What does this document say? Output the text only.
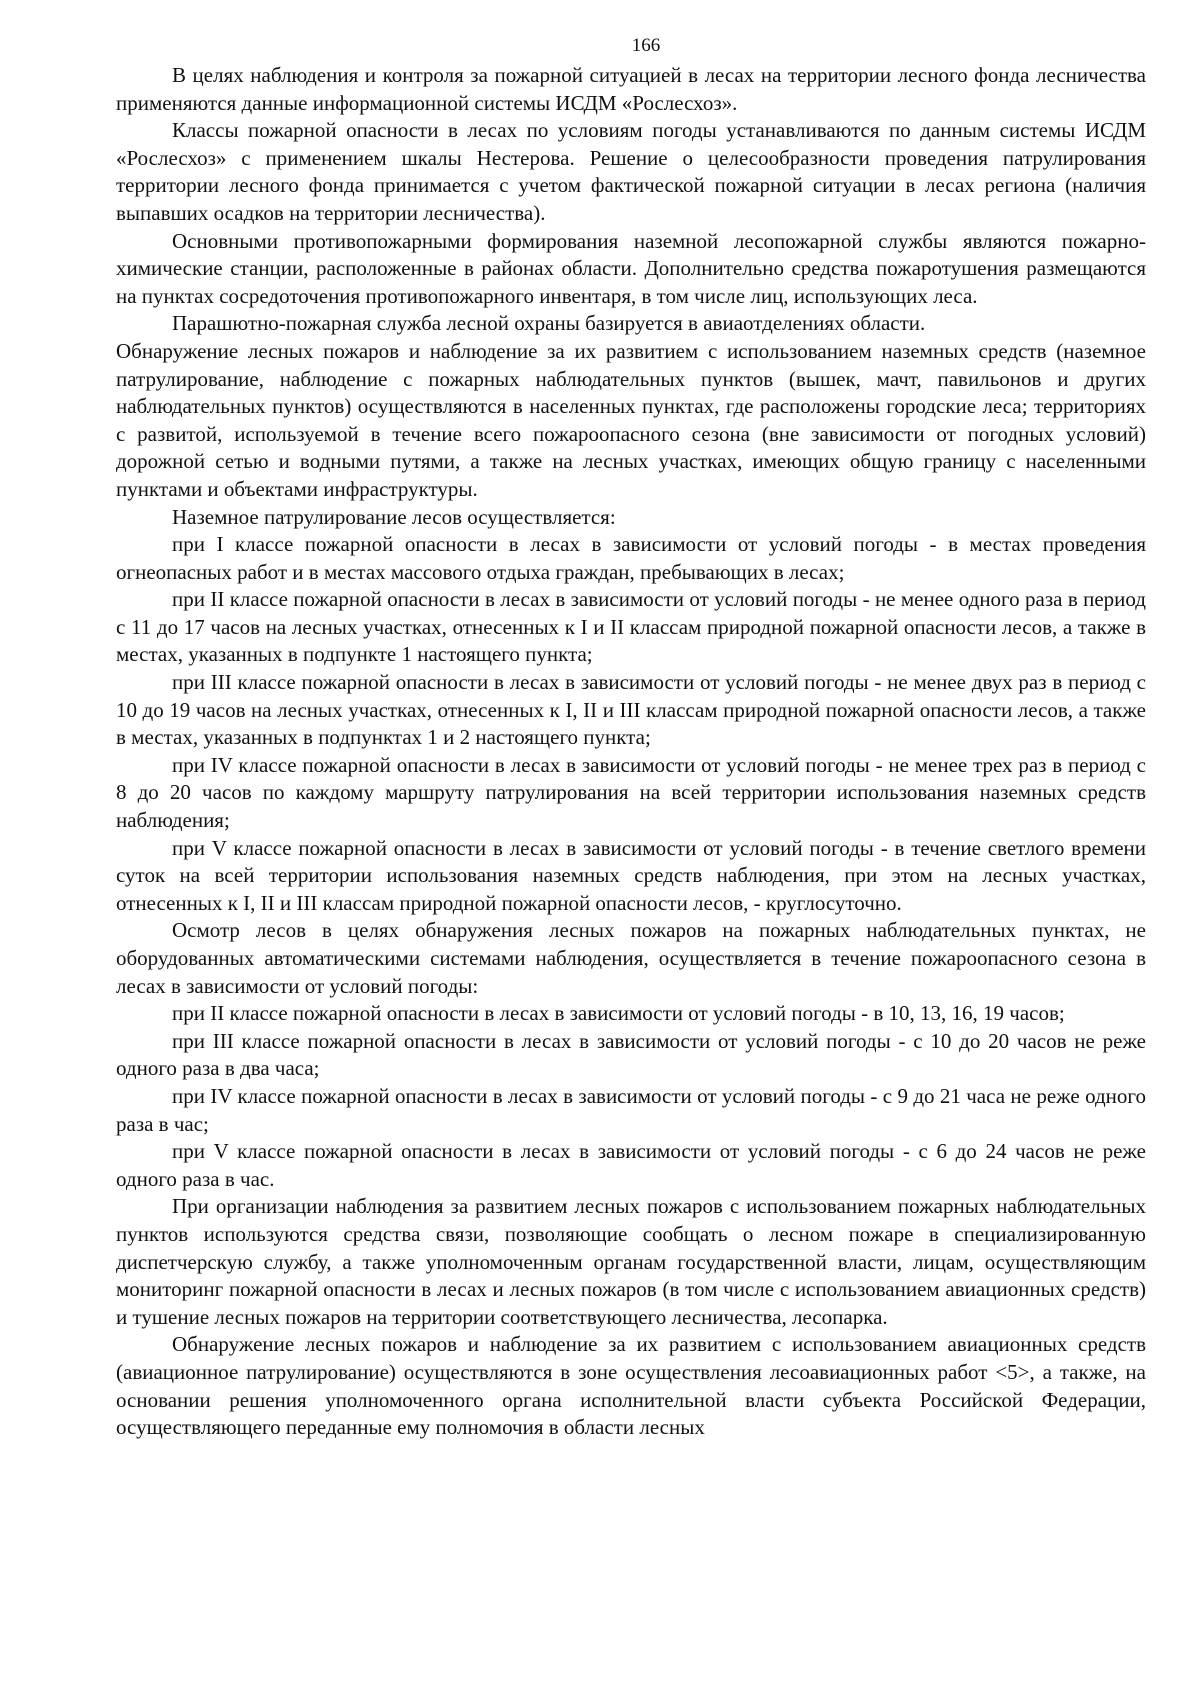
166

В целях наблюдения и контроля за пожарной ситуацией в лесах на территории лесного фонда лесничества применяются данные информационной системы ИСДМ «Рослесхоз».

Классы пожарной опасности в лесах по условиям погоды устанавливаются по данным системы ИСДМ «Рослесхоз» с применением шкалы Нестерова. Решение о целесообразности проведения патрулирования территории лесного фонда принимается с учетом фактической пожарной ситуации в лесах региона (наличия выпавших осадков на территории лесничества).

Основными противопожарными формирования наземной лесопожарной службы являются пожарно-химические станции, расположенные в районах области. Дополнительно средства пожаротушения размещаются на пунктах сосредоточения противопожарного инвентаря, в том числе лиц, использующих леса.

Парашютно-пожарная служба лесной охраны базируется в авиаотделениях области.

Обнаружение лесных пожаров и наблюдение за их развитием с использованием наземных средств (наземное патрулирование, наблюдение с пожарных наблюдательных пунктов (вышек, мачт, павильонов и других наблюдательных пунктов) осуществляются в населенных пунктах, где расположены городские леса; территориях с развитой, используемой в течение всего пожароопасного сезона (вне зависимости от погодных условий) дорожной сетью и водными путями, а также на лесных участках, имеющих общую границу с населенными пунктами и объектами инфраструктуры.

Наземное патрулирование лесов осуществляется:

при I классе пожарной опасности в лесах в зависимости от условий погоды - в местах проведения огнеопасных работ и в местах массового отдыха граждан, пребывающих в лесах;

при II классе пожарной опасности в лесах в зависимости от условий погоды - не менее одного раза в период с 11 до 17 часов на лесных участках, отнесенных к I и II классам природной пожарной опасности лесов, а также в местах, указанных в подпункте 1 настоящего пункта;

при III классе пожарной опасности в лесах в зависимости от условий погоды - не менее двух раз в период с 10 до 19 часов на лесных участках, отнесенных к I, II и III классам природной пожарной опасности лесов, а также в местах, указанных в подпунктах 1 и 2 настоящего пункта;

при IV классе пожарной опасности в лесах в зависимости от условий погоды - не менее трех раз в период с 8 до 20 часов по каждому маршруту патрулирования на всей территории использования наземных средств наблюдения;

при V классе пожарной опасности в лесах в зависимости от условий погоды - в течение светлого времени суток на всей территории использования наземных средств наблюдения, при этом на лесных участках, отнесенных к I, II и III классам природной пожарной опасности лесов, - круглосуточно.

Осмотр лесов в целях обнаружения лесных пожаров на пожарных наблюдательных пунктах, не оборудованных автоматическими системами наблюдения, осуществляется в течение пожароопасного сезона в лесах в зависимости от условий погоды:

при II классе пожарной опасности в лесах в зависимости от условий погоды - в 10, 13, 16, 19 часов;

при III классе пожарной опасности в лесах в зависимости от условий погоды - с 10 до 20 часов не реже одного раза в два часа;

при IV классе пожарной опасности в лесах в зависимости от условий погоды - с 9 до 21 часа не реже одного раза в час;

при V классе пожарной опасности в лесах в зависимости от условий погоды - с 6 до 24 часов не реже одного раза в час.

При организации наблюдения за развитием лесных пожаров с использованием пожарных наблюдательных пунктов используются средства связи, позволяющие сообщать о лесном пожаре в специализированную диспетчерскую службу, а также уполномоченным органам государственной власти, лицам, осуществляющим мониторинг пожарной опасности в лесах и лесных пожаров (в том числе с использованием авиационных средств) и тушение лесных пожаров на территории соответствующего лесничества, лесопарка.

Обнаружение лесных пожаров и наблюдение за их развитием с использованием авиационных средств (авиационное патрулирование) осуществляются в зоне осуществления лесоавиационных работ <5>, а также, на основании решения уполномоченного органа исполнительной власти субъекта Российской Федерации, осуществляющего переданные ему полномочия в области лесных
